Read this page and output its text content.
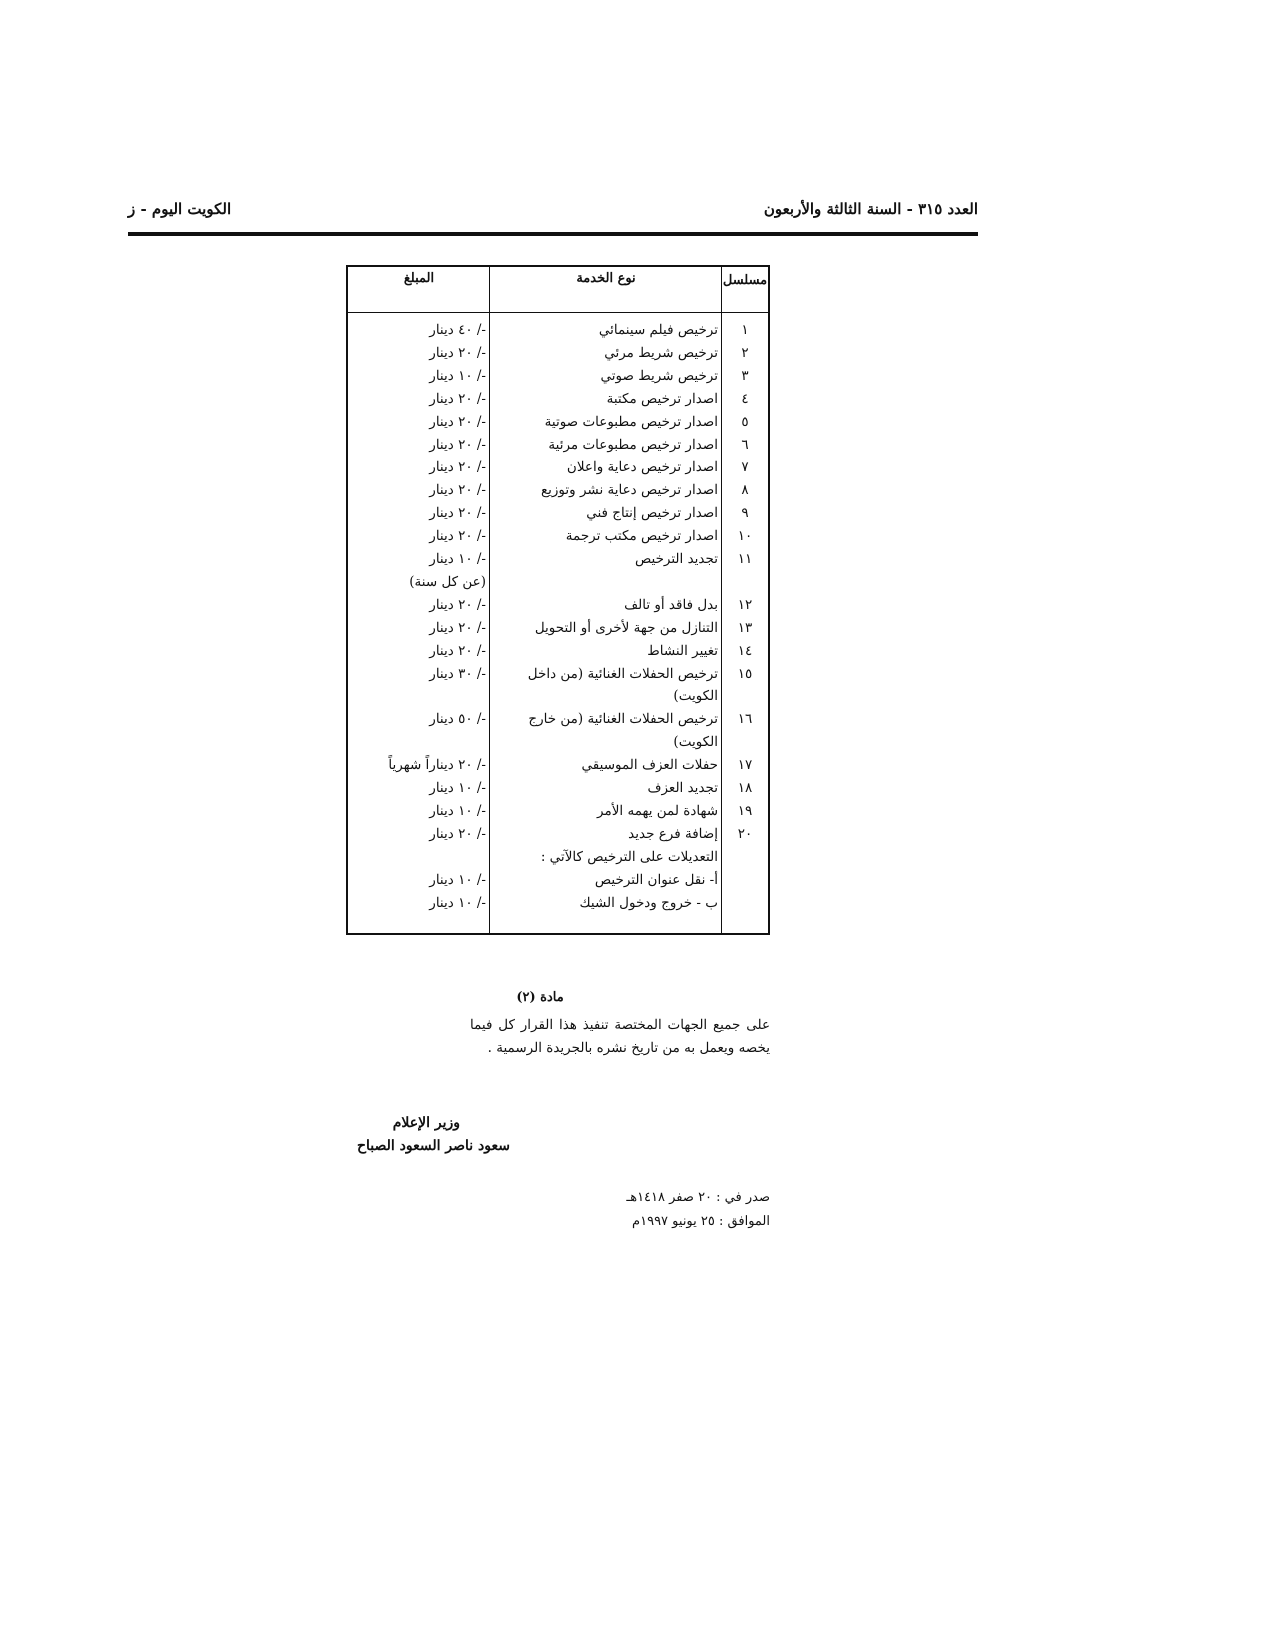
العدد ٣١٥ - السنة الثالثة والأربعون
الكويت اليوم - ز
مسلسل
نوع الخدمة
المبلغ
١
ترخيص فيلم سينمائي
-/ ٤٠ دينار
٢
ترخيص شريط مرئي
-/ ٢٠ دينار
٣
ترخيص شريط صوتي
-/ ١٠ دينار
٤
اصدار ترخيص مكتبة
-/ ٢٠ دينار
٥
اصدار ترخيص مطبوعات صوتية
-/ ٢٠ دينار
٦
اصدار ترخيص مطبوعات مرئية
-/ ٢٠ دينار
٧
اصدار ترخيص دعاية واعلان
-/ ٢٠ دينار
٨
اصدار ترخيص دعاية نشر وتوزيع
-/ ٢٠ دينار
٩
اصدار ترخيص إنتاج فني
-/ ٢٠ دينار
١٠
اصدار ترخيص مكتب ترجمة
-/ ٢٠ دينار
١١
تجديد الترخيص
-/ ١٠ دينار
(عن كل سنة)
١٢
بدل فاقد أو تالف
-/ ٢٠ دينار
١٣
التنازل من جهة لأخرى أو التحويل
-/ ٢٠ دينار
١٤
تغيير النشاط
-/ ٢٠ دينار
١٥
ترخيص الحفلات الغنائية (من داخل
-/ ٣٠ دينار
الكويت)
١٦
ترخيص الحفلات الغنائية (من خارج
-/ ٥٠ دينار
الكويت)
١٧
حفلات العزف الموسيقي
-/ ٢٠ ديناراً شهرياً
١٨
تجديد العزف
-/ ١٠ دينار
١٩
شهادة لمن يهمه الأمر
-/ ١٠ دينار
٢٠
إضافة فرع جديد
-/ ٢٠ دينار
التعديلات على الترخيص كالآتي :
أ- نقل عنوان الترخيص
-/ ١٠ دينار
ب - خروج ودخول الشيك
-/ ١٠ دينار
مادة (٢)
على جميع الجهات المختصة تنفيذ هذا القرار كل فيما يخصه ويعمل به من تاريخ نشره بالجريدة الرسمية .
وزير الإعلام
سعود ناصر السعود الصباح
صدر في : ٢٠ صفر ١٤١٨هـ
الموافق : ٢٥ يونيو ١٩٩٧م
